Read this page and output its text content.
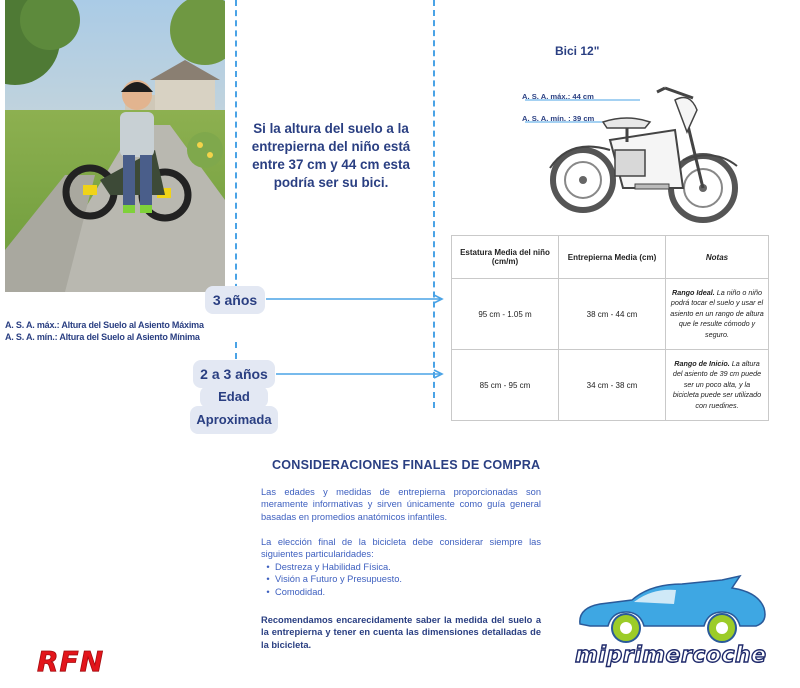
A. S. A. máx.: Altura del Suelo al Asiento Máxima
A. S. A. mín.: Altura del Suelo al Asiento Mínima
Si la altura del suelo a la entrepierna del niño está entre 37 cm y 44 cm esta podría ser su bici.
3 años
2 a 3 años
Edad
Aproximada
Bici 12"
A. S. A. máx.: 44 cm
A. S. A. mín. : 39 cm
Estatura Media del niño (cm/m)	Entrepierna Media (cm)	Notas
95 cm - 1.05 m	38 cm - 44 cm	Rango Ideal. La niño o niño podrá tocar el suelo y usar el asiento en un rango de altura que le resulte cómodo y seguro.
85 cm - 95 cm	34 cm - 38 cm	Rango de Inicio. La altura del asiento de 39 cm puede ser un poco alta, y la bicicleta puede ser utilizado con ruedines.
CONSIDERACIONES FINALES DE COMPRA
Las edades y medidas de entrepierna proporcionadas son meramente informativas y sirven únicamente como guía general basadas en promedios anatómicos infantiles.
La elección final de la bicicleta debe considerar siempre las siguientes particularidades:
• Destreza y Habilidad Física.
• Visión a Futuro y Presupuesto.
• Comodidad.
Recomendamos encarecidamente saber la medida del suelo a la entrepierna y tener en cuenta las dimensiones detalladas de la bicicleta.
RFN	miprimercoche
